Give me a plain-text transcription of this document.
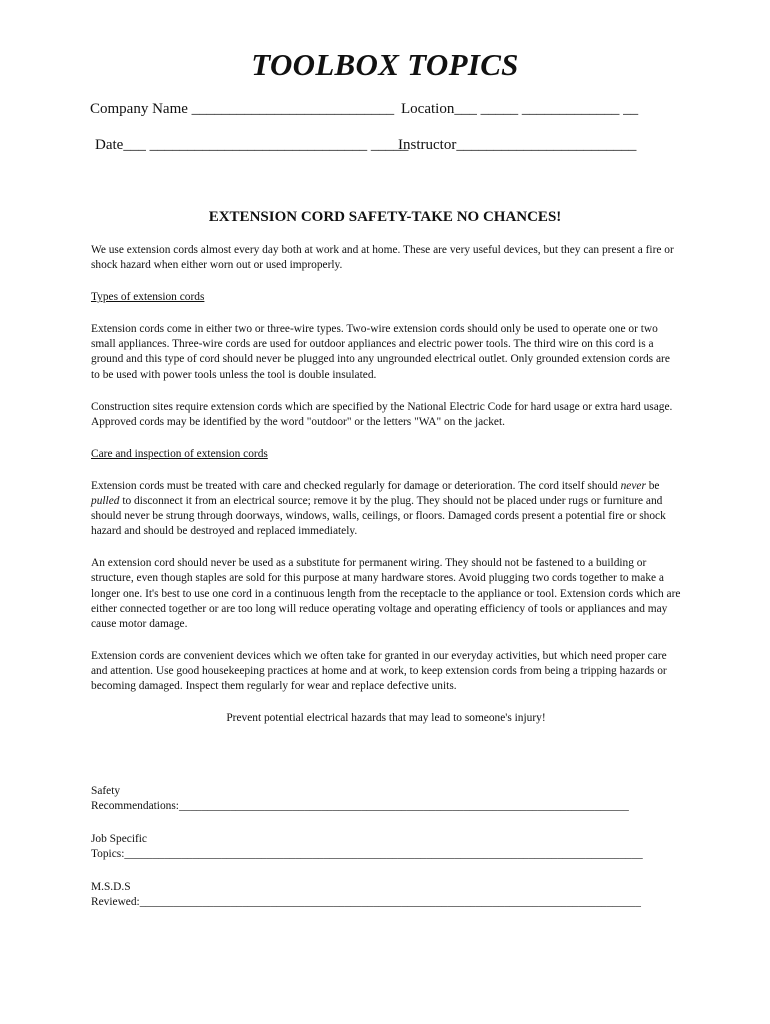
TOOLBOX TOPICS
Company Name ___________________________ Location___ _____ _____________ __
Date___ _____________________________ _____
Instructor________________________
EXTENSION CORD SAFETY-TAKE NO CHANCES!

We use extension cords almost every day both at work and at home. These are very useful devices, but they can present a fire or shock hazard when either worn out or used improperly.

Types of extension cords

Extension cords come in either two or three-wire types. Two-wire extension cords should only be used to operate one or two small appliances. Three-wire cords are used for outdoor appliances and electric power tools. The third wire on this cord is a ground and this type of cord should never be plugged into any ungrounded electrical outlet. Only grounded extension cords are to be used with power tools unless the tool is double insulated.

Construction sites require extension cords which are specified by the National Electric Code for hard usage or extra hard usage. Approved cords may be identified by the word "outdoor" or the letters "WA" on the jacket.

Care and inspection of extension cords

Extension cords must be treated with care and checked regularly for damage or deterioration. The cord itself should never be pulled to disconnect it from an electrical source; remove it by the plug. They should not be placed under rugs or furniture and should never be strung through doorways, windows, walls, ceilings, or floors. Damaged cords present a potential fire or shock hazard and should be destroyed and replaced immediately.

An extension cord should never be used as a substitute for permanent wiring. They should not be fastened to a building or structure, even though staples are sold for this purpose at many hardware stores. Avoid plugging two cords together to make a longer one. It's best to use one cord in a continuous length from the receptacle to the appliance or tool. Extension cords which are either connected together or are too long will reduce operating voltage and operating efficiency of tools or appliances and may cause motor damage.

Extension cords are convenient devices which we often take for granted in our everyday activities, but which need proper care and attention. Use good housekeeping practices at home and at work, to keep extension cords from being a tripping hazards or becoming damaged. Inspect them regularly for wear and replace defective units.

Prevent potential electrical hazards that may lead to someone's injury!

Safety
Recommendations:_______________________________________________________________________________
Job Specific
Topics:___________________________________________________________________________________________
M.S.D.S
Reviewed:________________________________________________________________________________________
